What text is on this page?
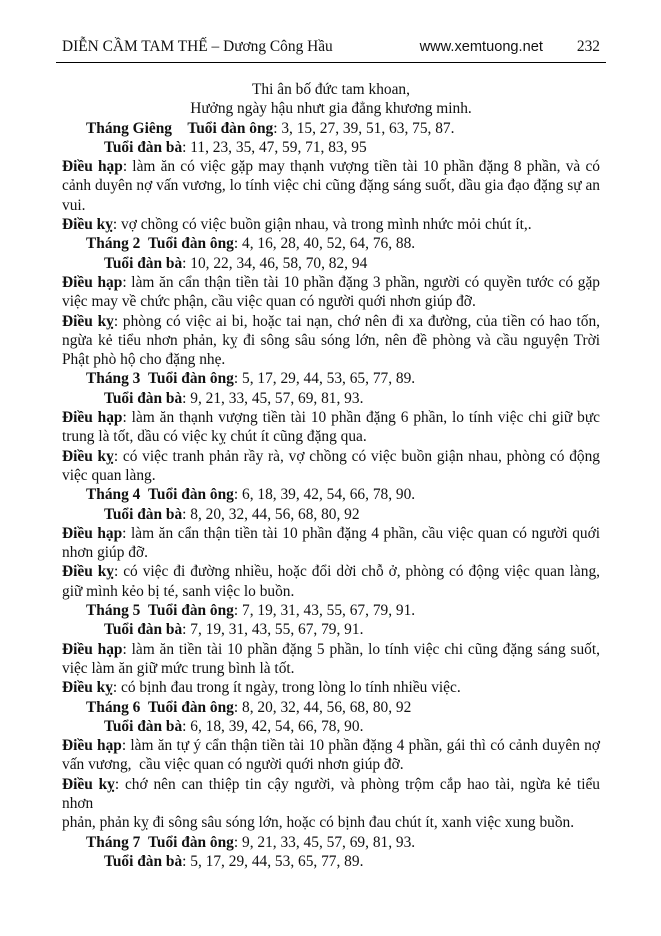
DIỄN CẦM TAM THẾ – Dương Công Hầu	www.xemtuong.net 232
Thi ân bố đức tam khoan,
Hưởng ngày hậu nhưt gia đẳng khương minh.
Tháng Giêng Tuổi đàn ông: 3, 15, 27, 39, 51, 63, 75, 87.
Tuổi đàn bà: 11, 23, 35, 47, 59, 71, 83, 95
Điều hạp: làm ăn có việc gặp may thạnh vượng tiền tài 10 phần đặng 8 phần, và có
cảnh duyên nợ vấn vương, lo tính việc chi cũng đặng sáng suốt, dầu gia đạo đặng sự an
vui.
Điều kỵ: vợ chồng có việc buồn giận nhau, và trong mình nhức mỏi chút ít,.
Tháng 2 Tuổi đàn ông: 4, 16, 28, 40, 52, 64, 76, 88.
Tuổi đàn bà: 10, 22, 34, 46, 58, 70, 82, 94
Điều hạp: làm ăn cẩn thận tiền tài 10 phần đặng 3 phần, người có quyền tước có gặp
việc may về chức phận, cầu việc quan có người quới nhơn giúp đỡ.
Điều kỵ: phòng có việc ai bi, hoặc tai nạn, chớ nên đi xa đường, của tiền có hao tốn,
ngừa kẻ tiểu nhơn phản, kỵ đi sông sâu sóng lớn, nên đề phòng và cầu nguyện Trời
Phật phò hộ cho đặng nhẹ.
Tháng 3 Tuổi đàn ông: 5, 17, 29, 44, 53, 65, 77, 89.
Tuổi đàn bà: 9, 21, 33, 45, 57, 69, 81, 93.
Điều hạp: làm ăn thạnh vượng tiền tài 10 phần đặng 6 phần, lo tính việc chi giữ bực
trung là tốt, dầu có việc kỵ chút ít cũng đặng qua.
Điều kỵ: có việc tranh phản rầy rà, vợ chồng có việc buồn giận nhau, phòng có động
việc quan làng.
Tháng 4 Tuổi đàn ông: 6, 18, 39, 42, 54, 66, 78, 90.
Tuổi đàn bà: 8, 20, 32, 44, 56, 68, 80, 92
Điều hạp: làm ăn cẩn thận tiền tài 10 phần đặng 4 phần, cầu việc quan có người quới
nhơn giúp đỡ.
Điều kỵ: có việc đi đường nhiều, hoặc đổi dời chỗ ở, phòng có động việc quan làng,
giữ mình kẻo bị té, sanh việc lo buồn.
Tháng 5 Tuổi đàn ông: 7, 19, 31, 43, 55, 67, 79, 91.
Tuổi đàn bà: 7, 19, 31, 43, 55, 67, 79, 91.
Điều hạp: làm ăn tiền tài 10 phần đặng 5 phần, lo tính việc chi cũng đặng sáng suốt,
việc làm ăn giữ mức trung bình là tốt.
Điều kỵ: có bịnh đau trong ít ngày, trong lòng lo tính nhiều việc.
Tháng 6 Tuổi đàn ông: 8, 20, 32, 44, 56, 68, 80, 92
Tuổi đàn bà: 6, 18, 39, 42, 54, 66, 78, 90.
Điều hạp: làm ăn tự ý cẩn thận tiền tài 10 phần đặng 4 phần, gái thì có cảnh duyên nợ
vấn vương,  cầu việc quan có người quới nhơn giúp đỡ.
Điều kỵ: chớ nên can thiệp tin cậy người, và phòng trộm cắp hao tài, ngừa kẻ tiểu nhơn
phản, phản kỵ đi sông sâu sóng lớn, hoặc có bịnh đau chút ít, xanh việc xung buồn.
Tháng 7 Tuổi đàn ông: 9, 21, 33, 45, 57, 69, 81, 93.
Tuổi đàn bà: 5, 17, 29, 44, 53, 65, 77, 89.
